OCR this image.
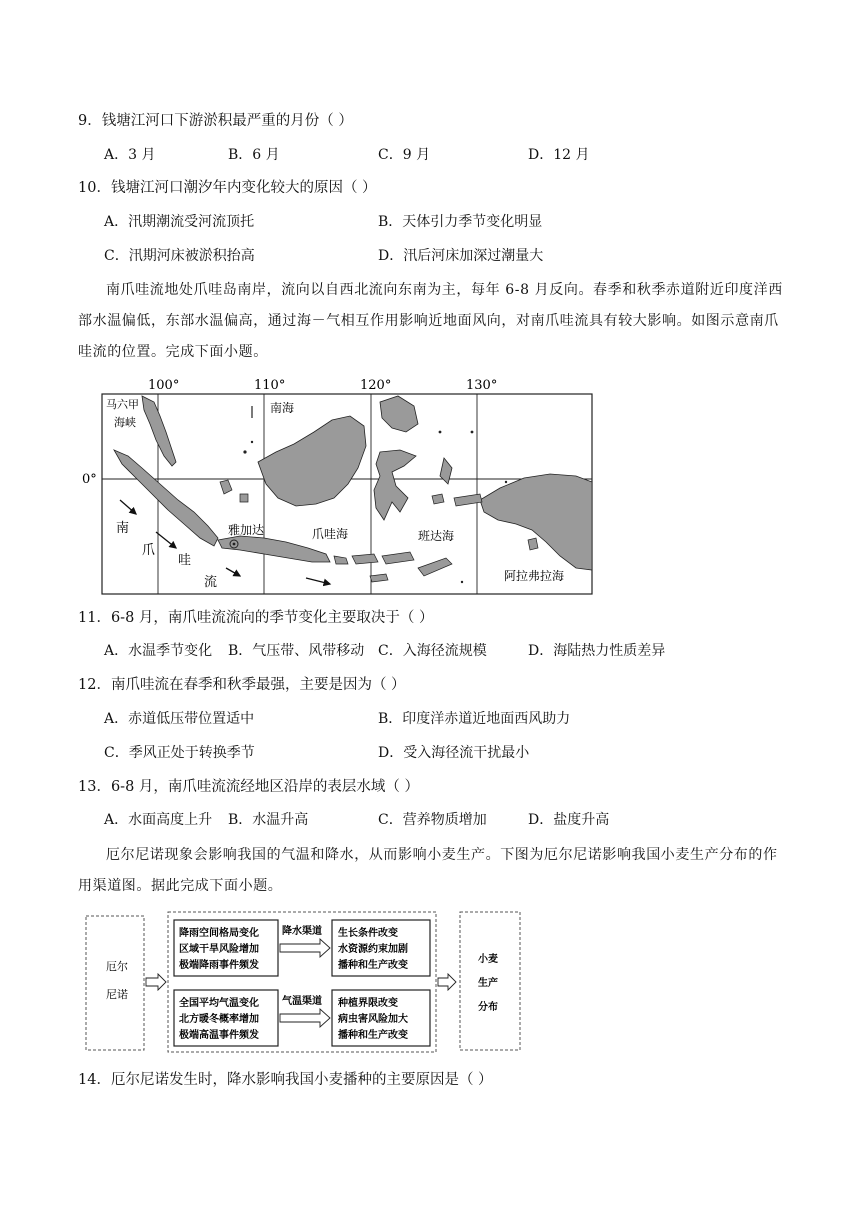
9．钱塘江河口下游淤积最严重的月份（ ）
A．3 月	B．6 月	C．9 月	D．12 月
10．钱塘江河口潮汐年内变化较大的原因（ ）
A．汛期潮流受河流顶托	B．天体引力季节变化明显
C．汛期河床被淤积抬高	D．汛后河床加深过潮量大
南爪哇流地处爪哇岛南岸，流向以自西北流向东南为主，每年 6-8 月反向。春季和秋季赤道附近印度洋西部水温偏低，东部水温偏高，通过海－气相互作用影响近地面风向，对南爪哇流具有较大影响。如图示意南爪哇流的位置。完成下面小题。
100°	110°	120°	130°
0°
马六甲
海峡
南海
雅加达	爪哇海	班达海
阿拉弗拉海
南
爪
哇
流
11．6-8 月，南爪哇流流向的季节变化主要取决于（ ）
A．水温季节变化 B．气压带、风带移动 C．入海径流规模	D．海陆热力性质差异
12．南爪哇流在春季和秋季最强，主要是因为（ ）
A．赤道低压带位置适中	B．印度洋赤道近地面西风助力
C．季风正处于转换季节	D．受入海径流干扰最小
13．6-8 月，南爪哇流流经地区沿岸的表层水域（ ）
A．水面高度上升 B．水温升高	C．营养物质增加	D．盐度升高
厄尔尼诺现象会影响我国的气温和降水，从而影响小麦生产。下图为厄尔尼诺影响我国小麦生产分布的作用渠道图。据此完成下面小题。
厄尔
尼诺
降雨空间格局变化
区域干旱风险增加
极端降雨事件频发
降水渠道 生长条件改变
水资源约束加剧
播种和生产改变
全国平均气温变化
北方暖冬概率增加
极端高温事件频发
气温渠道 种植界限改变
病虫害风险加大
播种和生产改变
小麦
生产
分布
14．厄尔尼诺发生时，降水影响我国小麦播种的主要原因是（ ）
